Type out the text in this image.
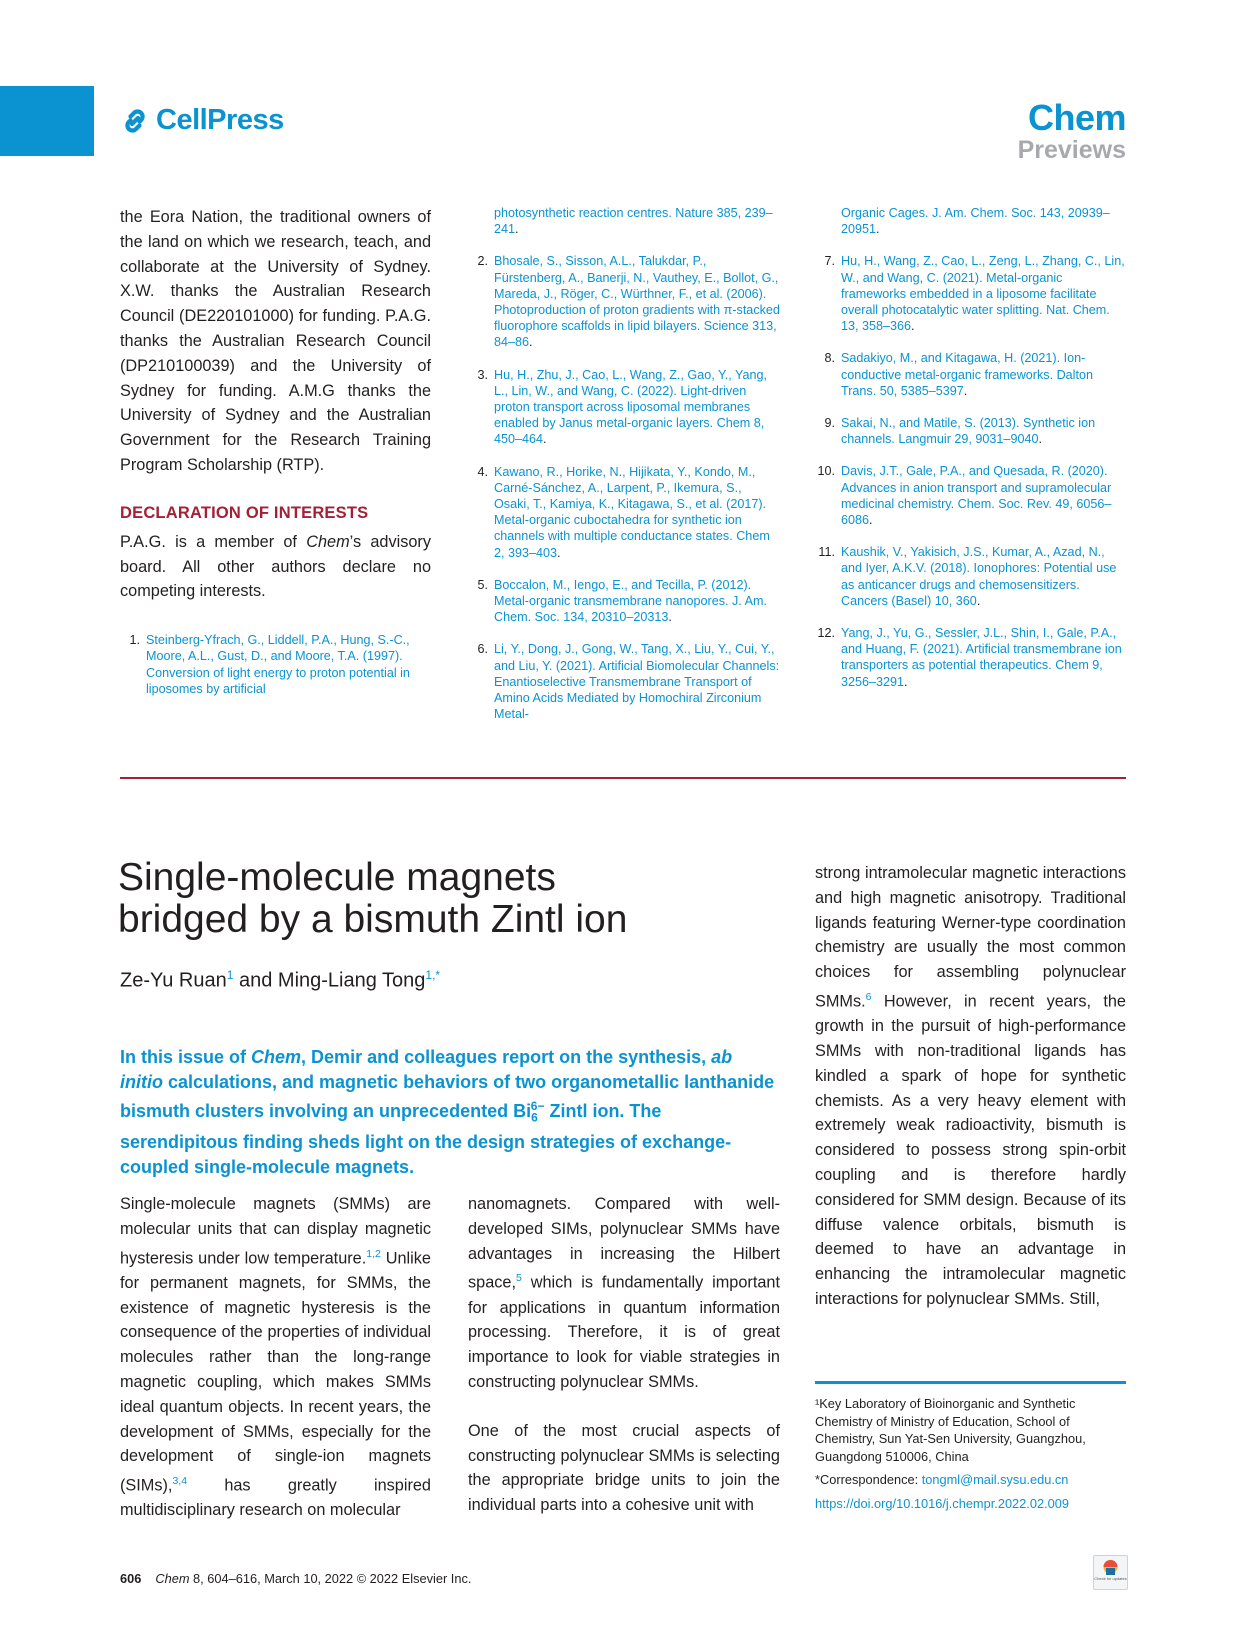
CellPress	Chem
Previews
the Eora Nation, the traditional owners of the land on which we research, teach, and collaborate at the University of Sydney. X.W. thanks the Australian Research Council (DE220101000) for funding. P.A.G. thanks the Australian Research Council (DP210100039) and the University of Sydney for funding. A.M.G thanks the University of Sydney and the Australian Government for the Research Training Program Scholarship (RTP).
DECLARATION OF INTERESTS
P.A.G. is a member of Chem’s advisory board. All other authors declare no competing interests.
1. Steinberg-Yfrach, G., Liddell, P.A., Hung, S.-C., Moore, A.L., Gust, D., and Moore, T.A. (1997). Conversion of light energy to proton potential in liposomes by artificial
photosynthetic reaction centres. Nature 385, 239–241.
2. Bhosale, S., Sisson, A.L., Talukdar, P., Fürstenberg, A., Banerji, N., Vauthey, E., Bollot, G., Mareda, J., Röger, C., Würthner, F., et al. (2006). Photoproduction of proton gradients with π-stacked fluorophore scaffolds in lipid bilayers. Science 313, 84–86.
3. Hu, H., Zhu, J., Cao, L., Wang, Z., Gao, Y., Yang, L., Lin, W., and Wang, C. (2022). Light-driven proton transport across liposomal membranes enabled by Janus metal-organic layers. Chem 8, 450–464.
4. Kawano, R., Horike, N., Hijikata, Y., Kondo, M., Carné-Sánchez, A., Larpent, P., Ikemura, S., Osaki, T., Kamiya, K., Kitagawa, S., et al. (2017). Metal-organic cuboctahedra for synthetic ion channels with multiple conductance states. Chem 2, 393–403.
5. Boccalon, M., Iengo, E., and Tecilla, P. (2012). Metal-organic transmembrane nanopores. J. Am. Chem. Soc. 134, 20310–20313.
6. Li, Y., Dong, J., Gong, W., Tang, X., Liu, Y., Cui, Y., and Liu, Y. (2021). Artificial Biomolecular Channels: Enantioselective Transmembrane Transport of Amino Acids Mediated by Homochiral Zirconium Metal-
Organic Cages. J. Am. Chem. Soc. 143, 20939–20951.
7. Hu, H., Wang, Z., Cao, L., Zeng, L., Zhang, C., Lin, W., and Wang, C. (2021). Metal-organic frameworks embedded in a liposome facilitate overall photocatalytic water splitting. Nat. Chem. 13, 358–366.
8. Sadakiyo, M., and Kitagawa, H. (2021). Ion-conductive metal-organic frameworks. Dalton Trans. 50, 5385–5397.
9. Sakai, N., and Matile, S. (2013). Synthetic ion channels. Langmuir 29, 9031–9040.
10. Davis, J.T., Gale, P.A., and Quesada, R. (2020). Advances in anion transport and supramolecular medicinal chemistry. Chem. Soc. Rev. 49, 6056–6086.
11. Kaushik, V., Yakisich, J.S., Kumar, A., Azad, N., and Iyer, A.K.V. (2018). Ionophores: Potential use as anticancer drugs and chemosensitizers. Cancers (Basel) 10, 360.
12. Yang, J., Yu, G., Sessler, J.L., Shin, I., Gale, P.A., and Huang, F. (2021). Artificial transmembrane ion transporters as potential therapeutics. Chem 9, 3256–3291.
Single-molecule magnets
bridged by a bismuth Zintl ion
Ze-Yu Ruan$^1$ and Ming-Liang Tong$^{1,*}$
In this issue of Chem, Demir and colleagues report on the synthesis, ab initio calculations, and magnetic behaviors of two organometallic lanthanide bismuth clusters involving an unprecedented $Bi_6^{6-}$ Zintl ion. The serendipitous finding sheds light on the design strategies of exchange-coupled single-molecule magnets.
Single-molecule magnets (SMMs) are molecular units that can display magnetic hysteresis under low temperature.$^{1,2}$ Unlike for permanent magnets, for SMMs, the existence of magnetic hysteresis is the consequence of the properties of individual molecules rather than the long-range magnetic coupling, which makes SMMs ideal quantum objects. In recent years, the development of SMMs, especially for the development of single-ion magnets (SIMs),$^{3,4}$ has greatly inspired multidisciplinary research on molecular
nanomagnets. Compared with well-developed SIMs, polynuclear SMMs have advantages in increasing the Hilbert space,$^5$ which is fundamentally important for applications in quantum information processing. Therefore, it is of great importance to look for viable strategies in constructing polynuclear SMMs.
One of the most crucial aspects of constructing polynuclear SMMs is selecting the appropriate bridge units to join the individual parts into a cohesive unit with
strong intramolecular magnetic interactions and high magnetic anisotropy. Traditional ligands featuring Werner-type coordination chemistry are usually the most common choices for assembling polynuclear SMMs.$^6$ However, in recent years, the growth in the pursuit of high-performance SMMs with non-traditional ligands has kindled a spark of hope for synthetic chemists. As a very heavy element with extremely weak radioactivity, bismuth is considered to possess strong spin-orbit coupling and is therefore hardly considered for SMM design. Because of its diffuse valence orbitals, bismuth is deemed to have an advantage in enhancing the intramolecular magnetic interactions for polynuclear SMMs. Still,
¹Key Laboratory of Bioinorganic and Synthetic Chemistry of Ministry of Education, School of Chemistry, Sun Yat-Sen University, Guangzhou, Guangdong 510006, China
*Correspondence: tongml@mail.sysu.edu.cn
https://doi.org/10.1016/j.chempr.2022.02.009
606 Chem 8, 604–616, March 10, 2022 © 2022 Elsevier Inc.	Check for updates
